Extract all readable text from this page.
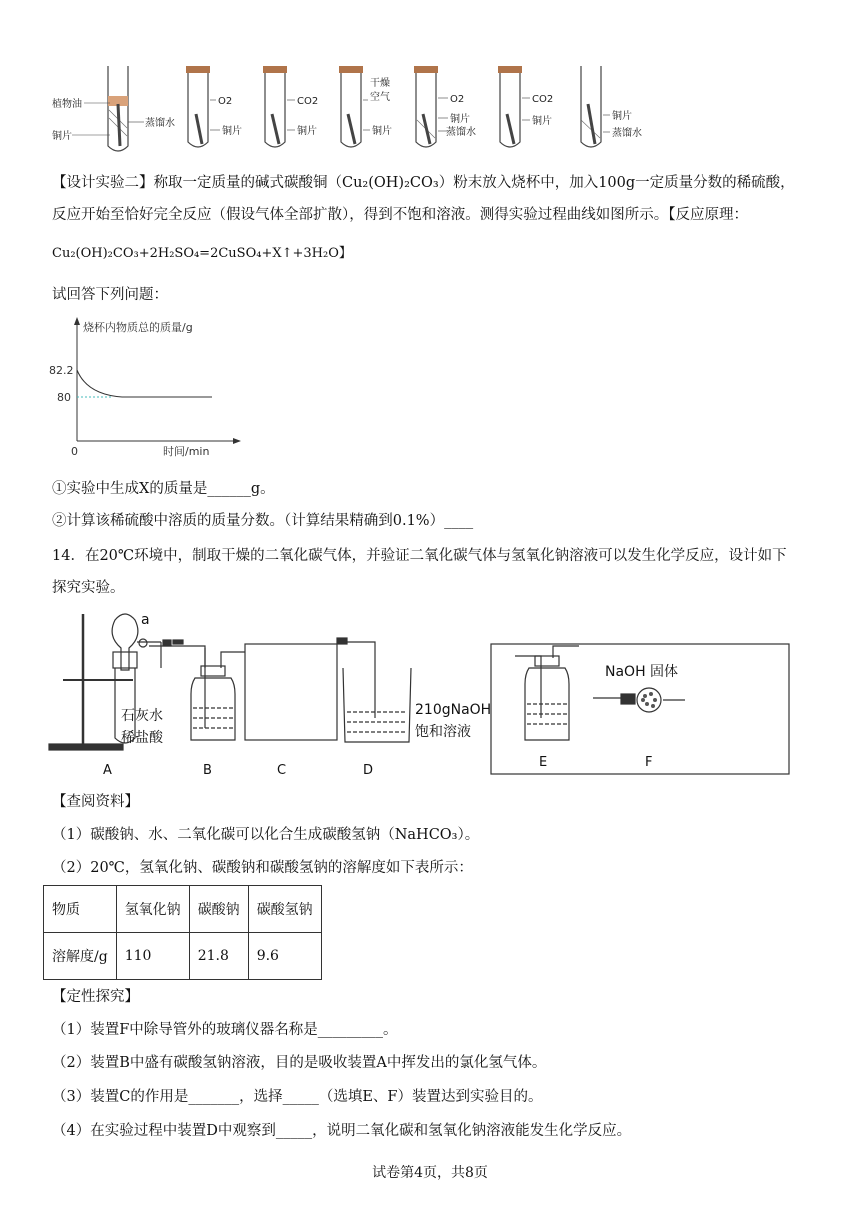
植物油
铜片
蒸馏水
O2
铜片
CO2
铜片
干燥
空气
铜片
O2
铜片
蒸馏水
CO2
铜片	铜片
蒸馏水
【设计实验二】称取一定质量的碱式碳酸铜（Cu₂(OH)₂CO₃）粉末放入烧杯中，加入100g一定质量分数的稀硫酸，
反应开始至恰好完全反应（假设气体全部扩散），得到不饱和溶液。测得实验过程曲线如图所示。【反应原理：
Cu₂(OH)₂CO₃+2H₂SO₄=2CuSO₄+X↑+3H₂O】
试回答下列问题：
烧杯内物质总的质量/g
时间/min
0
82.2
80
①实验中生成X的质量是______g。
②计算该稀硫酸中溶质的质量分数。（计算结果精确到0.1%）____
14．在20℃环境中，制取干燥的二氧化碳气体，并验证二氧化碳气体与氢氧化钠溶液可以发生化学反应，设计如下
探究实验。
a
石灰水
稀盐酸
210gNaOH
饱和溶液
NaOH 固体
A	B	C	D
E	F
【查阅资料】
（1）碳酸钠、水、二氧化碳可以化合生成碳酸氢钠（NaHCO₃）。
（2）20℃，氢氧化钠、碳酸钠和碳酸氢钠的溶解度如下表所示：
物质	氢氧化钠	碳酸钠	碳酸氢钠
溶解度/g	110	21.8	9.6
【定性探究】
（1）装置F中除导管外的玻璃仪器名称是_________。
（2）装置B中盛有碳酸氢钠溶液，目的是吸收装置A中挥发出的氯化氢气体。
（3）装置C的作用是_______，选择_____（选填E、F）装置达到实验目的。
（4）在实验过程中装置D中观察到_____，说明二氧化碳和氢氧化钠溶液能发生化学反应。
试卷第4页，共8页
